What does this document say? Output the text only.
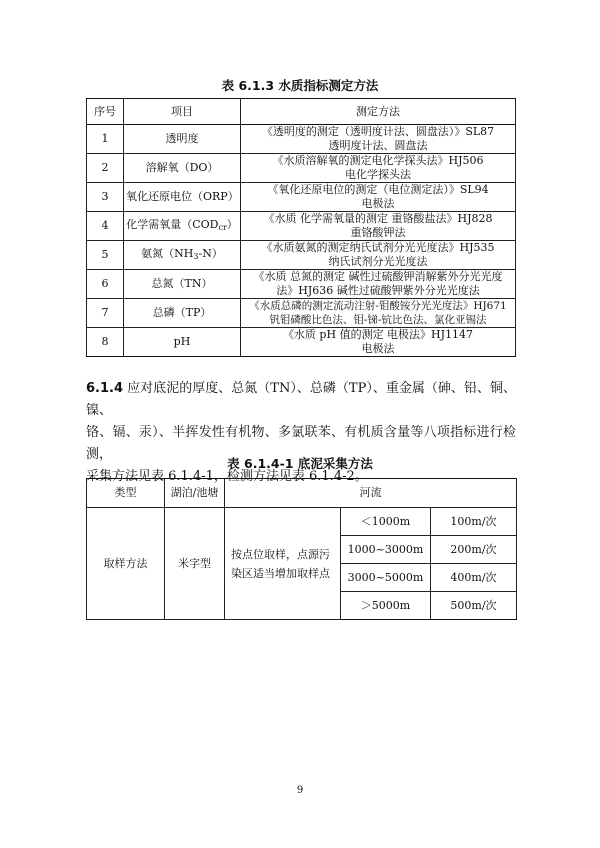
表 6.1.3 水质指标测定方法
序号	项目	测定方法
1	透明度	《透明度的测定（透明度计法、圆盘法）》SL87
透明度计法、圆盘法

2	溶解氧（DO）	《水质溶解氧的测定电化学探头法》HJ506
电化学探头法

3	氧化还原电位（ORP）	《氧化还原电位的测定（电位测定法）》SL94
电极法

4	化学需氧量$(COD_{cr})$	《水质 化学需氧量的测定 重铬酸盐法》HJ828
重铬酸钾法

5	氨氮$(NH_3-N)$	《水质氨氮的测定纳氏试剂分光光度法》HJ535
纳氏试剂分光光度法

6	总氮（TN）	《水质 总氮的测定 碱性过硫酸钾消解紫外分光光度
法》HJ636 碱性过硫酸钾紫外分光光度法

7	总磷（TP）	《水质总磷的测定流动注射-钼酸铵分光光度法》HJ671
钒钼磷酸比色法、钼-锑-钪比色法、氯化亚锡法

8	pH	《水质 pH 值的测定 电极法》HJ1147
电极法
6.1.4 应对底泥的厚度、总氮（TN）、总磷（TP）、重金属（砷、铅、铜、镍、
铬、镉、汞）、半挥发性有机物、多氯联苯、有机质含量等八项指标进行检测，
采集方法见表 6.1.4-1，检测方法见表 6.1.4-2。
表 6.1.4-1 底泥采集方法
类型	湖泊/池塘	河流		
取样方法	米字型	按点位取样，点源污染区适当增加取样点	＜1000m	100m/次
			1000~3000m	200m/次
			3000~5000m	400m/次
			＞5000m	500m/次
9
